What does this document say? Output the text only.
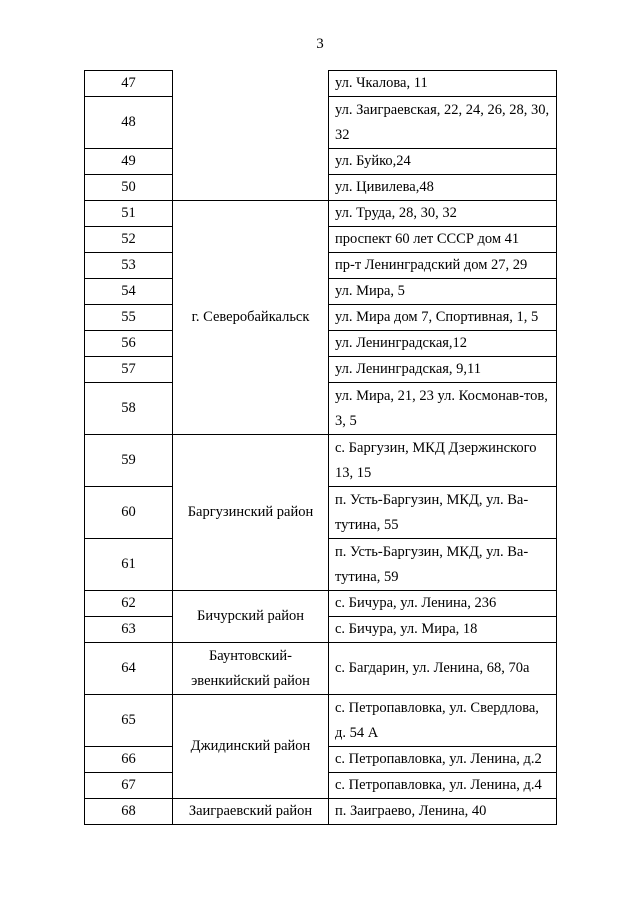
3
47		ул. Чкалова, 11
48		ул. Заиграевская, 22, 24, 26, 28, 30, 32
49		ул. Буйко,24
50		ул. Цивилева,48
51	г. Северобайкальск	ул. Труда, 28, 30, 32
52		проспект 60 лет СССР дом 41
53		пр-т Ленинградский дом 27, 29
54		ул. Мира, 5
55		ул. Мира дом 7, Спортивная, 1, 5
56		ул. Ленинградская,12
57		ул. Ленинградская, 9,11
58		ул. Мира, 21, 23 ул. Космонав-тов, 3, 5
59	Баргузинский район	с. Баргузин, МКД Дзержинского 13, 15
60		п. Усть-Баргузин, МКД, ул. Ва-тутина, 55
61		п. Усть-Баргузин, МКД, ул. Ва-тутина, 59
62	Бичурский район	с. Бичура, ул. Ленина, 236
63		с. Бичура, ул. Мира, 18
64	Баунтовский-эвенкийский район	с. Багдарин, ул. Ленина, 68, 70а
65	Джидинский район	с. Петропавловка, ул. Свердлова, д. 54 А
66		с. Петропавловка, ул. Ленина, д.2
67		с. Петропавловка, ул. Ленина, д.4
68	Заиграевский район	п. Заиграево, Ленина, 40
